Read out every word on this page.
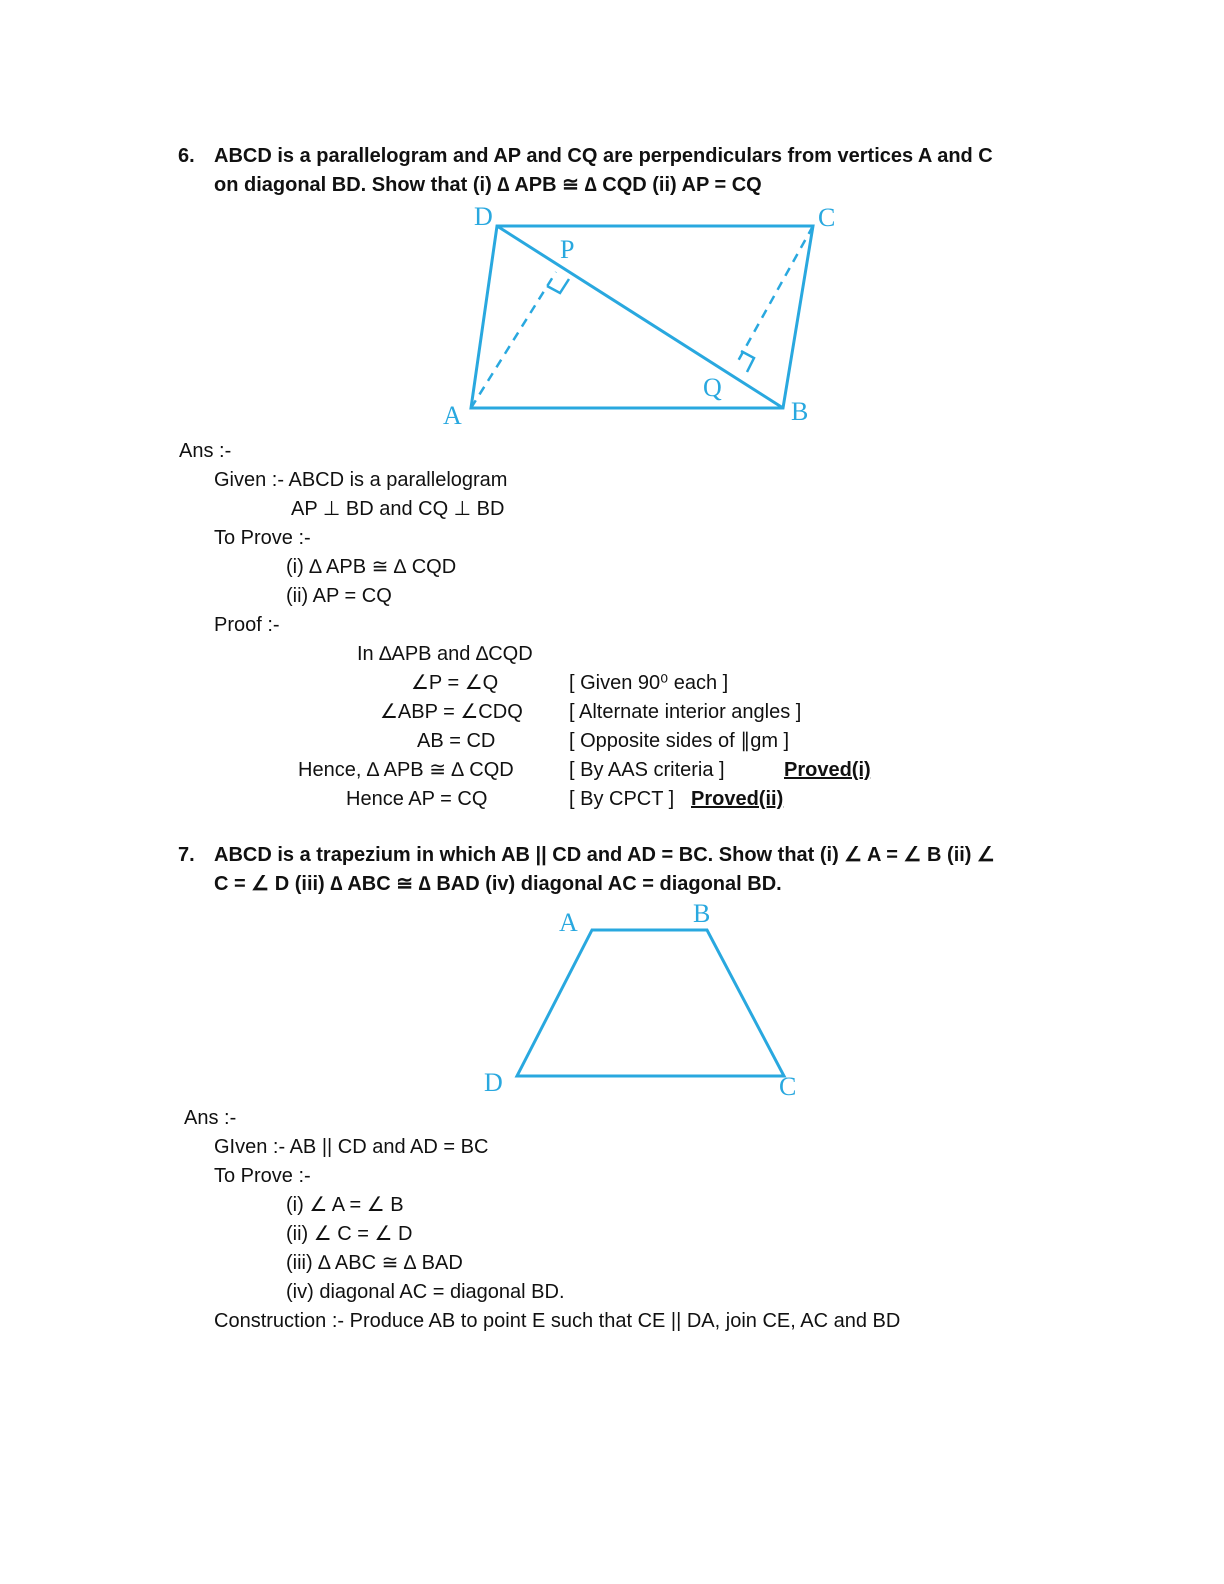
6. ABCD is a parallelogram and AP and CQ are perpendiculars from vertices A and C
on diagonal BD. Show that (i) ∆ APB ≅ ∆ CQD (ii) AP = CQ
D	C
P
Q
A	B
Ans :-
Given :- ABCD is a parallelogram
AP ⊥ BD and CQ ⊥ BD
To Prove :-
(i) ∆ APB ≅ ∆ CQD
(ii) AP = CQ
Proof :-
In ∆APB and ∆CQD
∠P = ∠Q	[ Given 90⁰ each ]
∠ABP = ∠CDQ [ Alternate interior angles ]
AB = CD	[ Opposite sides of ∥gm ]
Hence, ∆ APB ≅ ∆ CQD	[ By AAS criteria ]	Proved(i)
Hence AP = CQ	[ By CPCT ] Proved(ii)
7. ABCD is a trapezium in which AB || CD and AD = BC. Show that (i) ∠ A = ∠ B (ii) ∠
C = ∠ D (iii) ∆ ABC ≅ ∆ BAD (iv) diagonal AC = diagonal BD.
A	B
D	C
Ans :-
GIven :- AB || CD and AD = BC
To Prove :-
(i) ∠ A = ∠ B
(ii) ∠ C = ∠ D
(iii) ∆ ABC ≅ ∆ BAD
(iv) diagonal AC = diagonal BD.
Construction :- Produce AB to point E such that CE || DA, join CE, AC and BD
